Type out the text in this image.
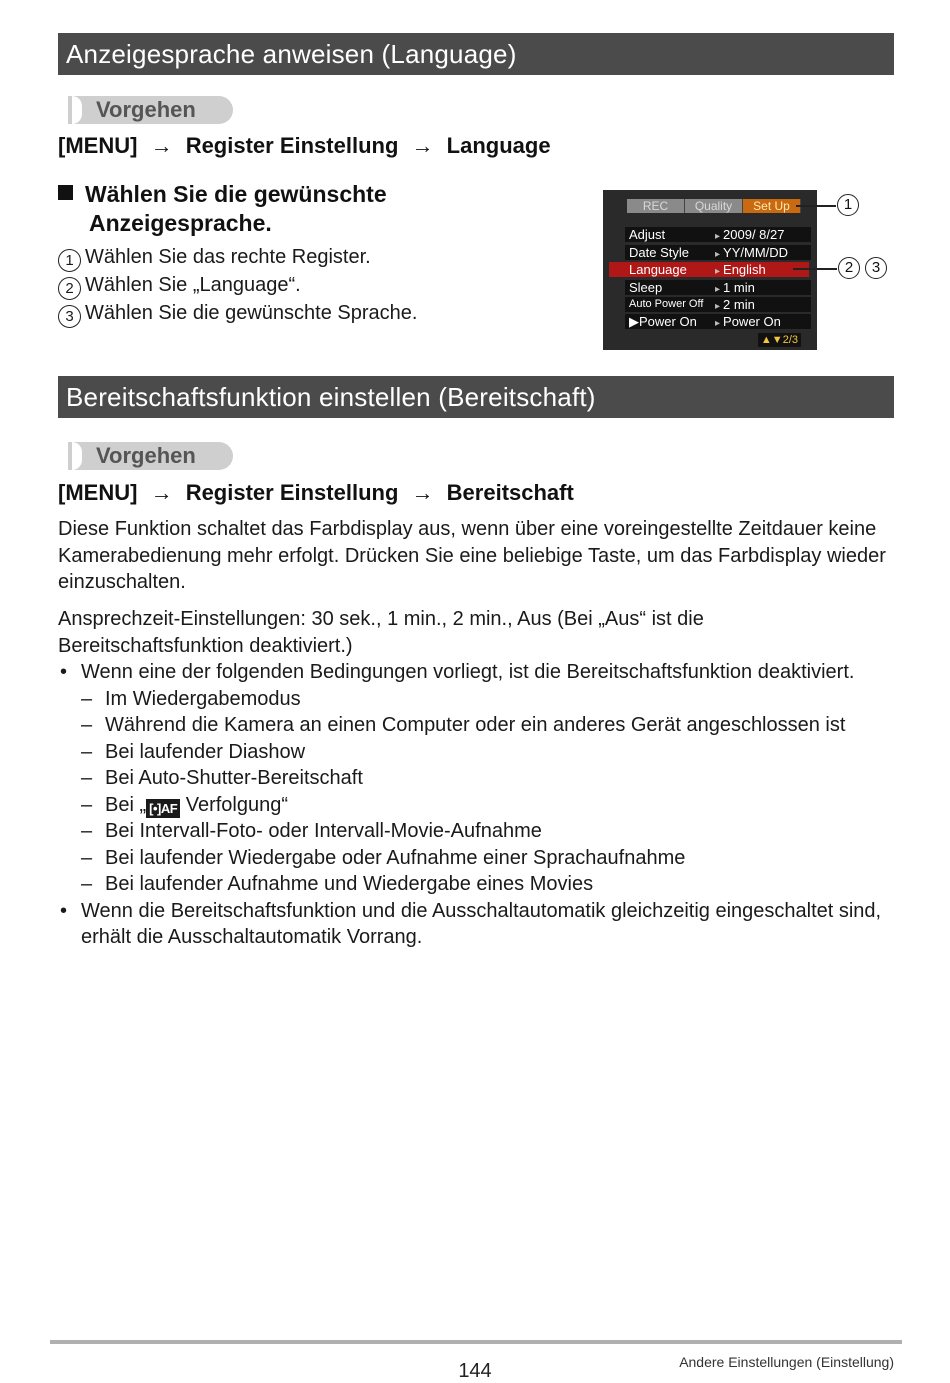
Anzeigesprache anweisen (Language)
Vorgehen
[MENU] → Register Einstellung → Language
Wählen Sie die gewünschte
Anzeigesprache.
1 Wählen Sie das rechte Register.
2 Wählen Sie „Language“.
3 Wählen Sie die gewünschte Sprache.
REC	Quality	Set Up
Adjust	▸ 2009/ 8/27
Date Style	▸ YY/MM/DD
Language	▸ English
Sleep	▸ 1 min
Auto Power Off	▸ 2 min
▶Power On	▸ Power On
▲▼2/3
1
2	3
Bereitschaftsfunktion einstellen (Bereitschaft)
Vorgehen
[MENU] → Register Einstellung → Bereitschaft
Diese Funktion schaltet das Farbdisplay aus, wenn über eine voreingestellte Zeitdauer keine Kamerabedienung mehr erfolgt. Drücken Sie eine beliebige Taste, um das Farbdisplay wieder einzuschalten.
Ansprechzeit-Einstellungen: 30 sek., 1 min., 2 min., Aus (Bei „Aus“ ist die Bereitschaftsfunktion deaktiviert.)
• Wenn eine der folgenden Bedingungen vorliegt, ist die Bereitschaftsfunktion deaktiviert.
– Im Wiedergabemodus
– Während die Kamera an einen Computer oder ein anderes Gerät angeschlossen ist
– Bei laufender Diashow
– Bei Auto-Shutter-Bereitschaft
– Bei „ [•]AF Verfolgung“
– Bei Intervall-Foto- oder Intervall-Movie-Aufnahme
– Bei laufender Wiedergabe oder Aufnahme einer Sprachaufnahme
– Bei laufender Aufnahme und Wiedergabe eines Movies
• Wenn die Bereitschaftsfunktion und die Ausschaltautomatik gleichzeitig eingeschaltet sind, erhält die Ausschaltautomatik Vorrang.
144	Andere Einstellungen (Einstellung)
